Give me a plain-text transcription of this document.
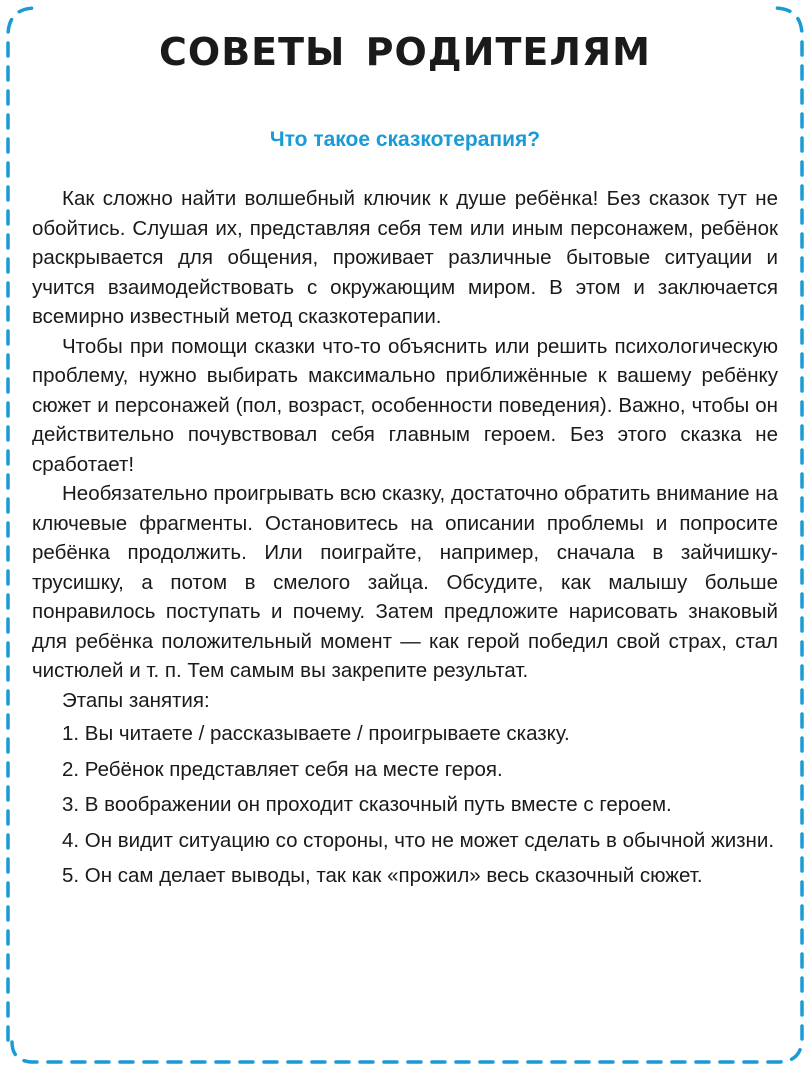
СОВЕТЫ РОДИТЕЛЯМ
Что такое сказкотерапия?

Как сложно найти волшебный ключик к душе ребёнка! Без сказок тут не обойтись. Слушая их, представляя себя тем или иным персонажем, ребёнок раскрывается для общения, проживает различные бытовые ситуации и учится взаимодействовать с окружающим миром. В этом и заключается всемирно известный метод сказкотерапии.

Чтобы при помощи сказки что-то объяснить или решить психологическую проблему, нужно выбирать максимально приближённые к вашему ребёнку сюжет и персонажей (пол, возраст, особенности поведения). Важно, чтобы он действительно почувствовал себя главным героем. Без этого сказка не сработает!

Необязательно проигрывать всю сказку, достаточно обратить внимание на ключевые фрагменты. Остановитесь на описании проблемы и попросите ребёнка продолжить. Или поиграйте, например, сначала в зайчишку-трусишку, а потом в смелого зайца. Обсудите, как малышу больше понравилось поступать и почему. Затем предложите нарисовать знаковый для ребёнка положительный момент — как герой победил свой страх, стал чистюлей и т. п. Тем самым вы закрепите результат.

Этапы занятия:

1. Вы читаете / рассказываете / проигрываете сказку.

2. Ребёнок представляет себя на месте героя.

3. В воображении он проходит сказочный путь вместе с героем.

4. Он видит ситуацию со стороны, что не может сделать в обычной жизни.

5. Он сам делает выводы, так как «прожил» весь сказочный сюжет.
